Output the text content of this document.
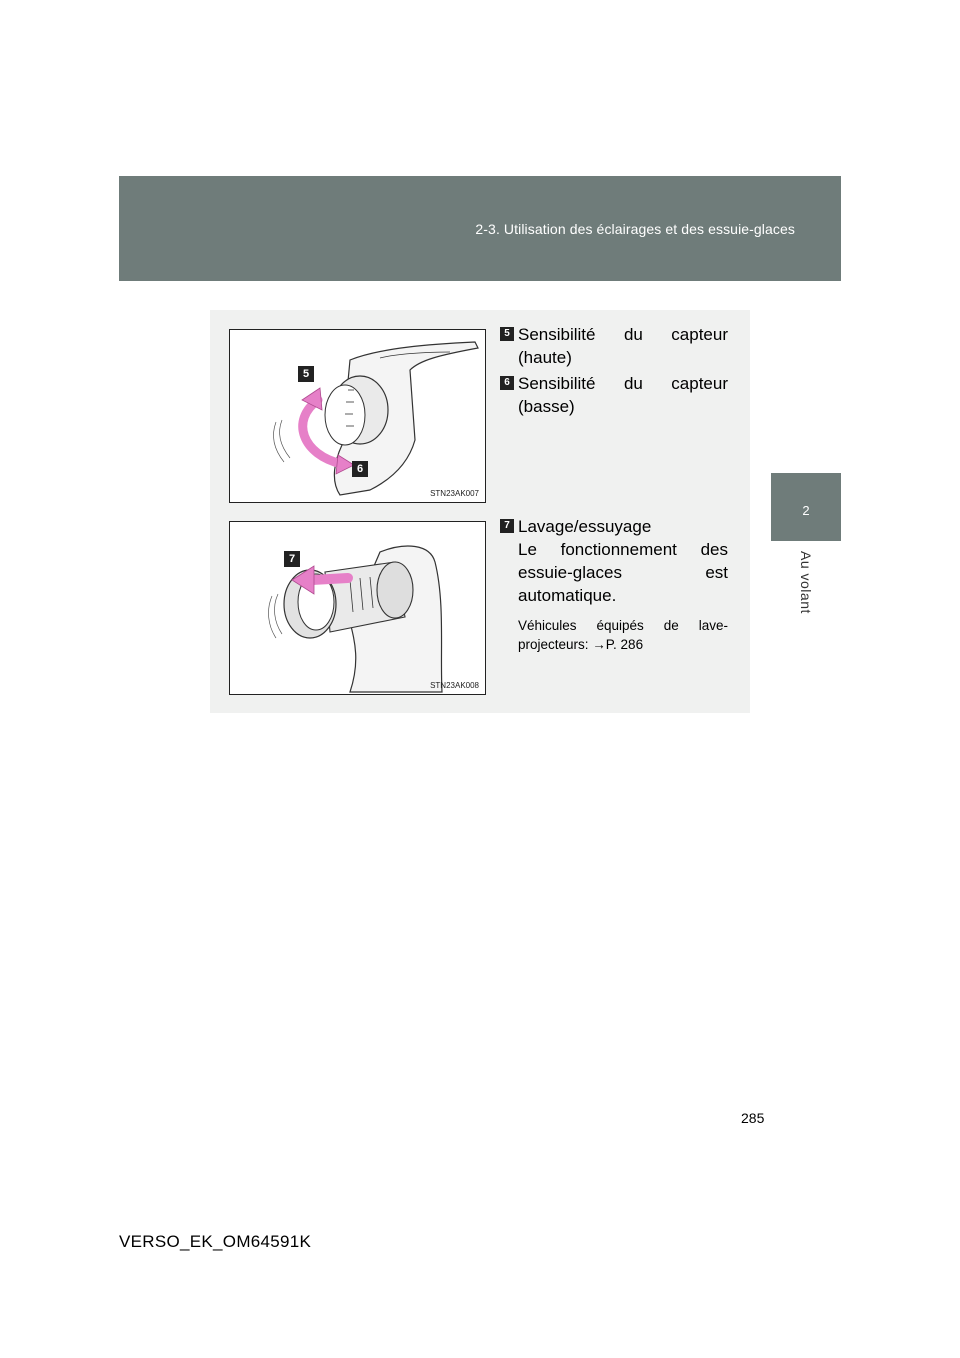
2-3. Utilisation des éclairages et des essuie-glaces
2
Au volant
5
6
STN23AK007
7
STN23AK008
5 Sensibilité du capteur (haute)
6 Sensibilité du capteur (basse)
7 Lavage/essuyage
Le fonctionnement des essuie-glaces est automatique.
Véhicules équipés de lave-projecteurs: →P. 286
285
VERSO_EK_OM64591K
